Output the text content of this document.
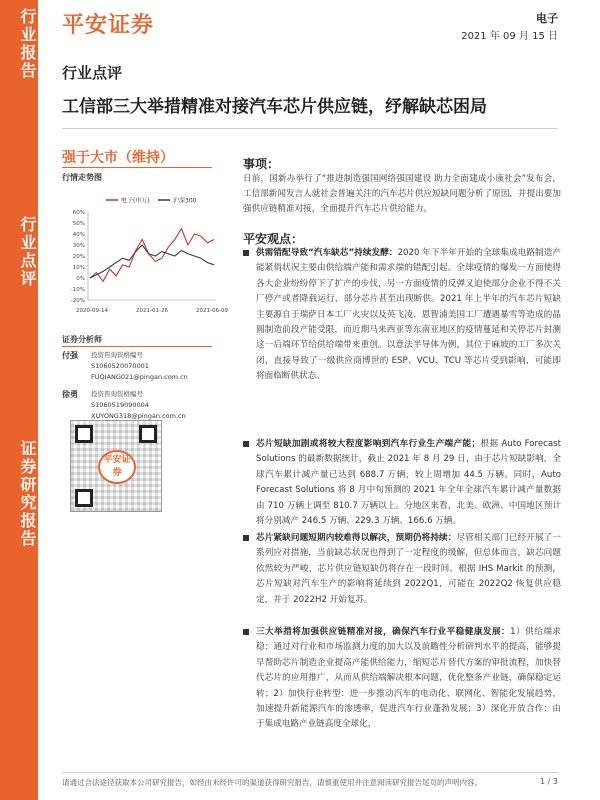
行业报告
行业点评
证券研究报告
平安证券	电子
2021 年 09 月 15 日
行业点评
工信部三大举措精准对接汽车芯片供应链，纾解缺芯困局
强于大市（维持）
行情走势图
电子(申万)	沪深300
60%
50%
40%
30%
20%
10%
0%
-10%
-20%
2020-09-14	2021-01-26	2021-06-09
证券分析师
付强	投资咨询资格编号
S1060520070001
FUQIANG021@pingan.com.cn
徐勇	投资咨询资格编号
S1060519090004
XUYONG318@pingan.com.cn
平安证券
事项：
日前，国新办举行了“推进制造强国网络强国建设 助力全面建成小康社会”发布会，工信部新闻发言人就社会普遍关注的汽车芯片供应短缺问题分析了原因，并提出要加强供应链精准对接，全面提升汽车芯片供给能力。
平安观点：
供需错配导致“汽车缺芯”持续发酵：2020 年下半年开始的全球集成电路制造产能紧俏状况主要由供给端产能和需求端的错配引起。全球疫情的爆发一方面使得各大企业纷纷停下了扩产的步伐，另一方面疫情的反弹又迫使部分企业不得不关厂停产或者降载运行，部分芯片甚至出现断供。2021 年上半年的汽车芯片短缺主要源自于瑞萨日本工厂火灾以及英飞凌、恩智浦美国工厂遭遇暴雪等造成的晶圆制造前段产能受限，而近期马来西亚等东南亚地区的疫情蔓延和关停芯片封测这一后端环节给供给端带来重创。以意法半导体为例，其位于麻坡的工厂多次关闭，直接导致了一级供应商博世的 ESP、VCU、TCU 等芯片受到影响，可能即将面临断供状态。
芯片短缺加剧或将较大程度影响到汽车行业生产端产能；根据 Auto Forecast Solutions 的最新数据统计，截止 2021 年 8 月 29 日，由于芯片短缺影响，全球汽车累计减产量已达到 688.7 万辆，较上周增加 44.5 万辆。同时，Auto Forecast Solutions 将 8 月中旬预测的 2021 年全年全球汽车累计减产量数据由 710 万辆上调至 810.7 万辆以上。分地区来看，北美、欧洲、中国地区预计将分别减产 246.5 万辆、229.3 万辆、166.6 万辆。
芯片紧缺问题短期内较难得以解决，预期仍将持续：尽管相关部门已经开展了一系列应对措施，当前缺芯状况也得到了一定程度的缓解，但总体而言，缺芯问题依然较为严峻，芯片供应链短缺仍将存在一段时间。根据 IHS Markit 的预测，芯片短缺对汽车生产的影响将延续到 2022Q1，可能在 2022Q2 恢复供应稳定，并于 2022H2 开始复苏。
三大举措将加强供应链精准对接，确保汽车行业平稳健康发展：1）供给端求稳：通过对行业和市场监测力度的加大以及前瞻性分析研判水平的提高，能够提早帮助芯片制造企业提高产能供给能力，缩短芯片替代方案的审批流程，加快替代芯片的应用推广，从而从供给端解决根本问题，优化整条产业链，确保稳定运转；2）加快行业转型：进一步推动汽车的电动化、联网化、智能化发展趋势，加速提升新能源汽车的渗透率，促进汽车行业蓬勃发展；3）深化开放合作：由于集成电路产业链高度全球化，
请通过合法途径获取本公司研究报告，如经由未经许可的渠道获得研究报告，请慎重使用并注意阅读研究报告尾页的声明内容。	1 / 3
